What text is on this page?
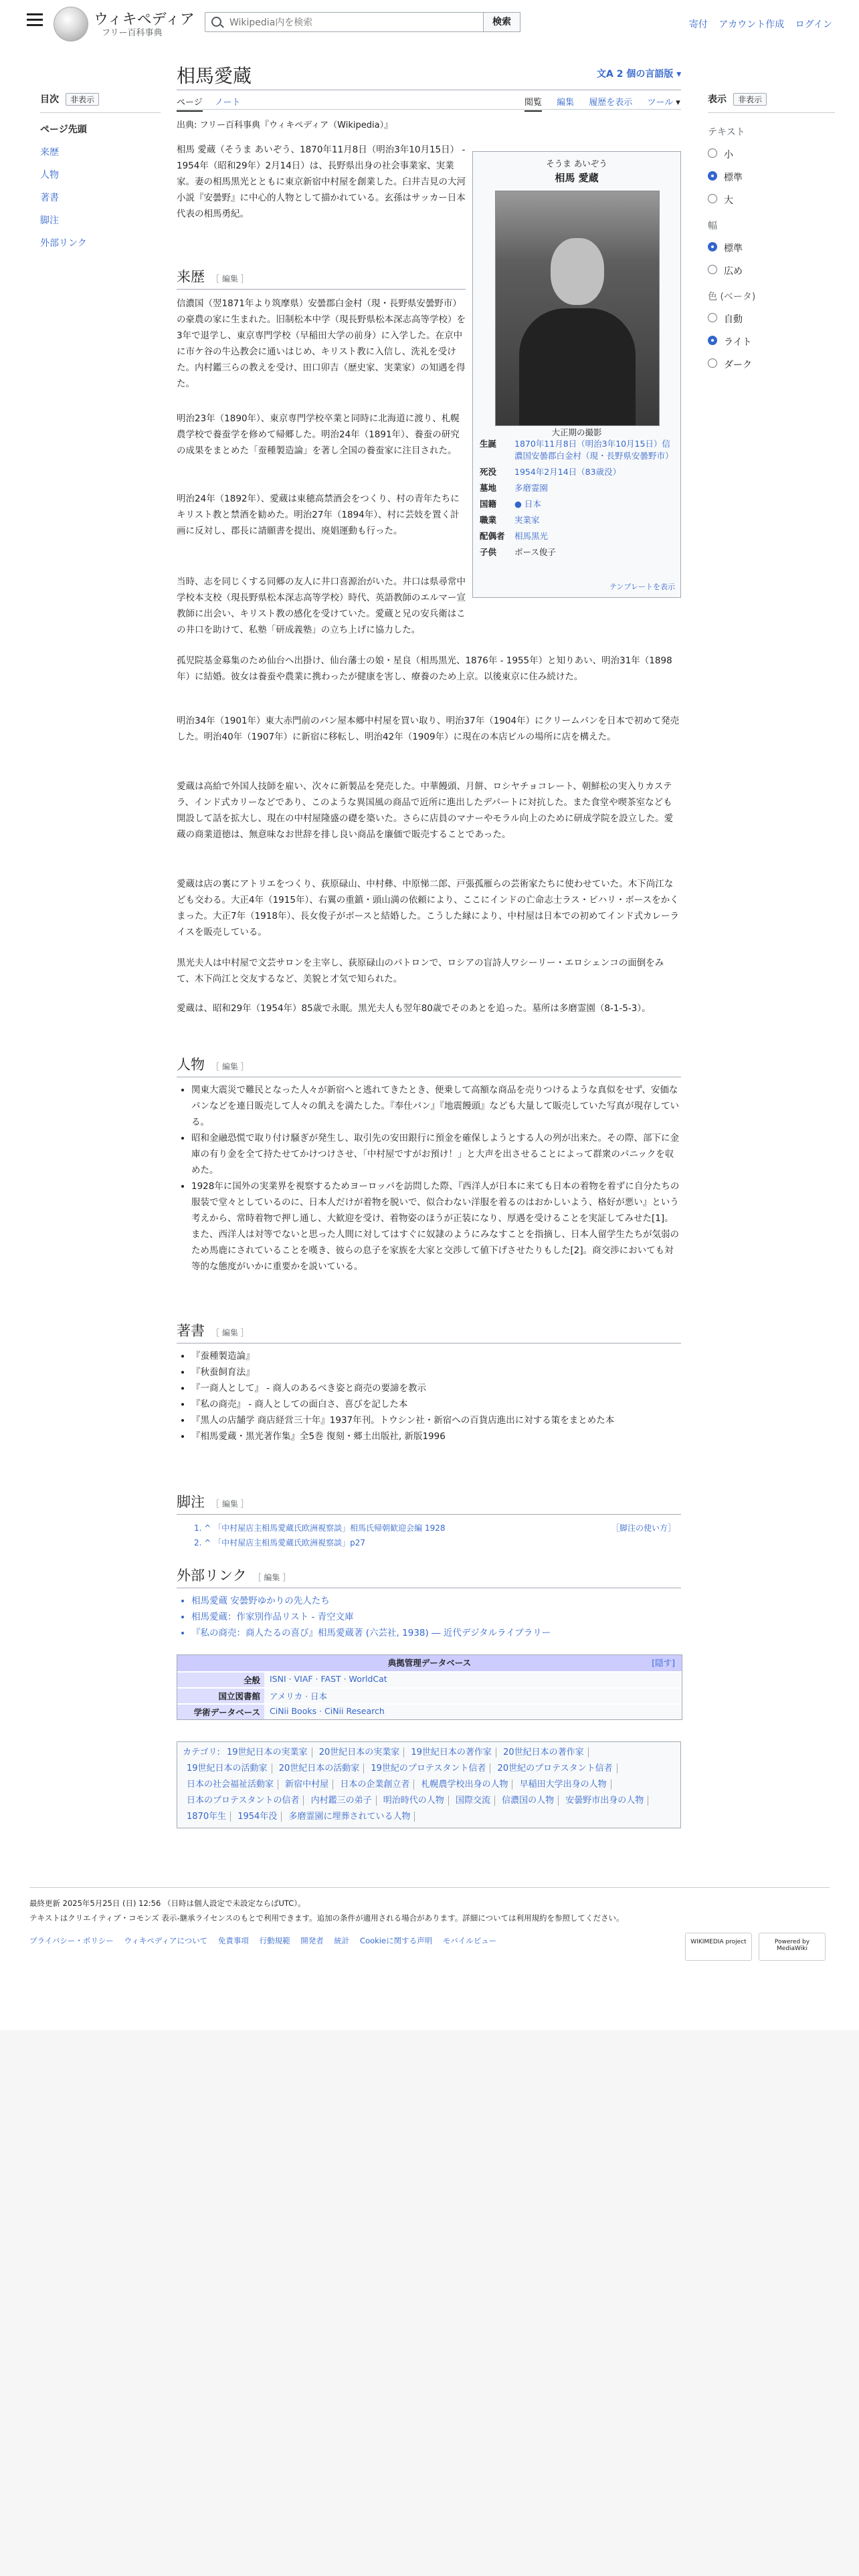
ウィキペディア
フリー百科事典
Wikipedia内を検索
検索	寄付 アカウント作成 ログイン
目次 非表示
ページ先頭
来歴
人物
著書
脚注
外部リンク
表示 非表示
テキスト
小
標準
大
幅
標準
広め
色 (ベータ)
自動
ライト
ダーク
相馬愛蔵	文A 2 個の言語版 ▾
ページ ノート	閲覧 編集 履歴を表示 ツール ▾
出典: フリー百科事典『ウィキペディア（Wikipedia）』
そうま あいぞう
相馬 愛蔵
大正期の撮影
生誕	1870年11月8日（明治3年10月15日）信濃国安曇郡白金村（現・長野県安曇野市）
死没	1954年2月14日（83歳没）
墓地	多磨霊園
国籍	● 日本
職業	実業家
配偶者	相馬黒光
子供	ボース俊子
テンプレートを表示
相馬 愛蔵（そうま あいぞう、1870年11月8日（明治3年10月15日） - 1954年（昭和29年）2月14日）は、長野県出身の社会事業家、実業家。妻の相馬黒光とともに東京新宿中村屋を創業した。臼井吉見の大河小説『安曇野』に中心的人物として描かれている。玄孫はサッカー日本代表の相馬勇紀。
来歴 ［ 編集 ］
信濃国（翌1871年より筑摩県）安曇郡白金村（現・長野県安曇野市）の豪農の家に生まれた。旧制松本中学（現長野県松本深志高等学校）を3年で退学し、東京専門学校（早稲田大学の前身）に入学した。在京中に市ケ谷の牛込教会に通いはじめ、キリスト教に入信し、洗礼を受けた。内村鑑三らの教えを受け、田口卯吉（歴史家、実業家）の知遇を得た。
明治23年（1890年）、東京専門学校卒業と同時に北海道に渡り、札幌農学校で養蚕学を修めて帰郷した。明治24年（1891年）、養蚕の研究の成果をまとめた「蚕種製造論」を著し全国の養蚕家に注目された。
明治24年（1892年）、愛蔵は東穂高禁酒会をつくり、村の青年たちにキリスト教と禁酒を勧めた。明治27年（1894年）、村に芸妓を置く計画に反対し、郡長に請願書を提出、廃娼運動も行った。
当時、志を同じくする同郷の友人に井口喜源治がいた。井口は県尋常中学校本支校（現長野県松本深志高等学校）時代、英語教師のエルマー宣教師に出会い、キリスト教の感化を受けていた。愛蔵と兄の安兵衛はこの井口を助けて、私塾「研成義塾」の立ち上げに協力した。
孤児院基金募集のため仙台へ出掛け、仙台藩士の娘・星良（相馬黒光、1876年 - 1955年）と知りあい、明治31年（1898年）に結婚。彼女は養蚕や農業に携わったが健康を害し、療養のため上京。以後東京に住み続けた。
明治34年（1901年）東大赤門前のパン屋本郷中村屋を買い取り、明治37年（1904年）にクリームパンを日本で初めて発売した。明治40年（1907年）に新宿に移転し、明治42年（1909年）に現在の本店ビルの場所に店を構えた。
愛蔵は高給で外国人技師を雇い、次々に新製品を発売した。中華饅頭、月餅、ロシヤチョコレート、朝鮮松の実入りカステラ、インド式カリーなどであり、このような異国風の商品で近所に進出したデパートに対抗した。また食堂や喫茶室なども開設して話を拡大し、現在の中村屋隆盛の礎を築いた。さらに店員のマナーやモラル向上のために研成学院を設立した。愛蔵の商業道徳は、無意味なお世辞を排し良い商品を廉価で販売することであった。
愛蔵は店の裏にアトリエをつくり、荻原碌山、中村彝、中原悌二郎、戸張孤雁らの芸術家たちに使わせていた。木下尚江なども交わる。大正4年（1915年）、右翼の重鎮・頭山満の依頼により、ここにインドの亡命志士ラス・ビハリ・ボースをかくまった。大正7年（1918年）、長女俊子がボースと結婚した。こうした縁により、中村屋は日本での初めてインド式カレーライスを販売している。
黒光夫人は中村屋で文芸サロンを主宰し、荻原碌山のパトロンで、ロシアの盲詩人ワシーリー・エロシェンコの面倒をみて、木下尚江と交友するなど、美貌と才気で知られた。
愛蔵は、昭和29年（1954年）85歳で永眠。黒光夫人も翌年80歳でそのあとを追った。墓所は多磨霊園（8-1-5-3）。
人物 ［ 編集 ］
• 関東大震災で難民となった人々が新宿へと逃れてきたとき、便乗して高額な商品を売りつけるような真似をせず、安価なパンなどを連日販売して人々の飢えを満たした。『奉仕パン』『地震饅頭』なども大量して販売していた写真が現存している。
• 昭和金融恐慌で取り付け騒ぎが発生し、取引先の安田銀行に預金を確保しようとする人の列が出来た。その際、部下に金庫の有り金を全て持たせてかけつけさせ、「中村屋ですがお預け！」と大声を出させることによって群衆のパニックを収めた。
• 1928年に国外の実業界を視察するためヨーロッパを訪問した際、『西洋人が日本に来ても日本の着物を着ずに自分たちの服装で堂々としているのに、日本人だけが着物を脱いで、似合わない洋服を着るのはおかしいよう、格好が悪い』という考えから、常時着物で押し通し、大歓迎を受け、着物姿のほうが正装になり、厚遇を受けることを実証してみせた[1]。また、西洋人は対等でないと思った人間に対してはすぐに奴隷のようにみなすことを指摘し、日本人留学生たちが気弱のため馬鹿にされていることを嘆き、彼らの息子を家族を大家と交渉して値下げさせたりもした[2]。商交渉においても対等的な態度がいかに重要かを説いている。
著書 ［ 編集 ］
• 『蚕種製造論』
• 『秋蚕飼育法』
• 『一商人として』 - 商人のあるべき姿と商売の要諦を教示
• 『私の商売』 - 商人としての面白さ、喜びを記した本
• 『黒人の店舗学 商店経営三十年』1937年刊。トウシン社・新宿への百貨店進出に対する策をまとめた本
• 『相馬愛蔵・黒光著作集』全5巻 復刻・郷土出版社, 新版1996
脚注 ［ 編集 ］
［脚注の使い方］
1. ^ 「中村屋店主相馬愛蔵氏欧洲視察談」相馬氏帰朝歓迎会編 1928
2. ^ 「中村屋店主相馬愛蔵氏欧洲視察談」p27
外部リンク ［ 編集 ］
• 相馬愛蔵 安曇野ゆかりの先人たち
• 相馬愛蔵：作家別作品リスト - 青空文庫
• 『私の商売：商人たるの喜び』相馬愛蔵著 (六芸社, 1938) ― 近代デジタルライブラリー
典拠管理データベース	[隠す]
全般	ISNI · VIAF · FAST · WorldCat
国立図書館	アメリカ · 日本
学術データベース	CiNii Books · CiNii Research
カテゴリ: 19世紀日本の実業家 20世紀日本の実業家 19世紀日本の著作家 20世紀日本の著作家 19世紀日本の活動家 20世紀日本の活動家 19世紀のプロテスタント信者 20世紀のプロテスタント信者 日本の社会福祉活動家 新宿中村屋 日本の企業創立者 札幌農学校出身の人物 早稲田大学出身の人物 日本のプロテスタントの信者 内村鑑三の弟子 明治時代の人物 国際交流 信濃国の人物 安曇野市出身の人物 1870年生 1954年没 多磨霊園に埋葬されている人物
最終更新 2025年5月25日 (日) 12:56 （日時は個人設定で未設定ならばUTC）。
テキストはクリエイティブ・コモンズ 表示-継承ライセンスのもとで利用できます。追加の条件が適用される場合があります。詳細については利用規約を参照してください。
プライバシー・ポリシー ウィキペディアについて 免責事項 行動規範 開発者 統計 Cookieに関する声明 モバイルビュー	WIKIMEDIA project	Powered by MediaWiki
